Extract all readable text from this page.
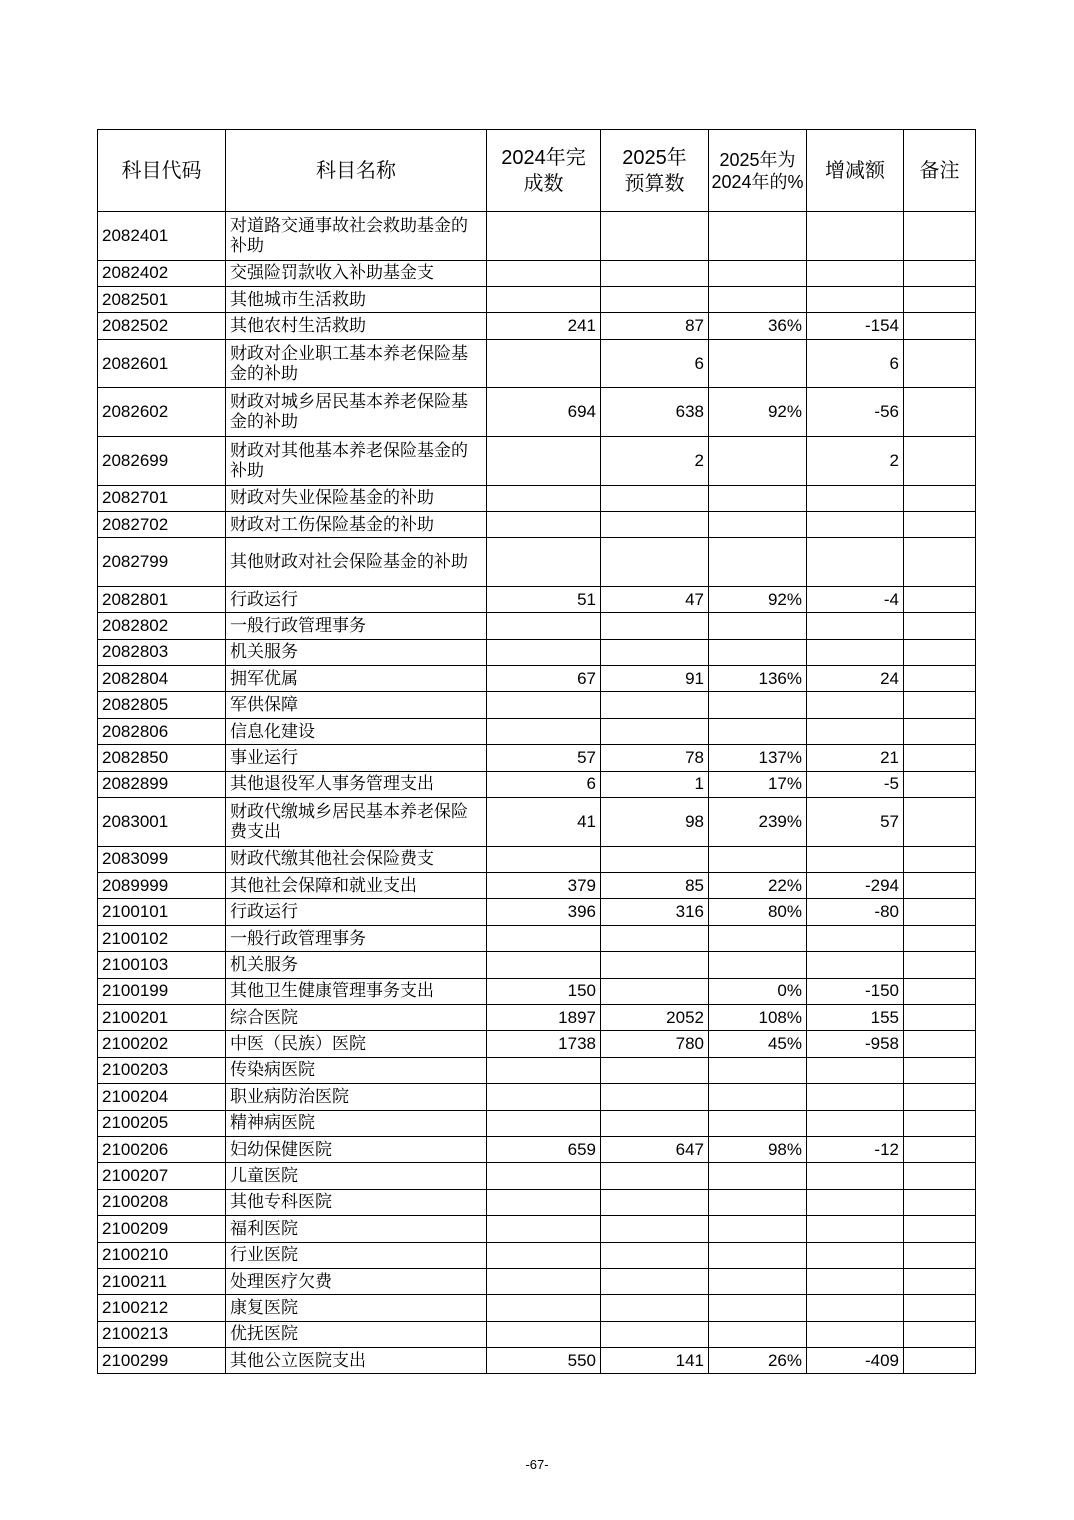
科目代码	科目名称	2024年完成数	2025年预算数	2025年为2024年的%	增减额	备注
2082401	对道路交通事故社会救助基金的补助					
2082402	交强险罚款收入补助基金支					
2082501	其他城市生活救助					
2082502	其他农村生活救助	241	87	36%	-154	
2082601	财政对企业职工基本养老保险基金的补助		6		6	
2082602	财政对城乡居民基本养老保险基金的补助	694	638	92%	-56	
2082699	财政对其他基本养老保险基金的补助		2		2	
2082701	财政对失业保险基金的补助					
2082702	财政对工伤保险基金的补助					
2082799	其他财政对社会保险基金的补助					
2082801	行政运行	51	47	92%	-4	
2082802	一般行政管理事务					
2082803	机关服务					
2082804	拥军优属	67	91	136%	24	
2082805	军供保障					
2082806	信息化建设					
2082850	事业运行	57	78	137%	21	
2082899	其他退役军人事务管理支出	6	1	17%	-5	
2083001	财政代缴城乡居民基本养老保险费支出	41	98	239%	57	
2083099	财政代缴其他社会保险费支					
2089999	其他社会保障和就业支出	379	85	22%	-294	
2100101	行政运行	396	316	80%	-80	
2100102	一般行政管理事务					
2100103	机关服务					
2100199	其他卫生健康管理事务支出	150		0%	-150	
2100201	综合医院	1897	2052	108%	155	
2100202	中医（民族）医院	1738	780	45%	-958	
2100203	传染病医院					
2100204	职业病防治医院					
2100205	精神病医院					
2100206	妇幼保健医院	659	647	98%	-12	
2100207	儿童医院					
2100208	其他专科医院					
2100209	福利医院					
2100210	行业医院					
2100211	处理医疗欠费					
2100212	康复医院					
2100213	优抚医院					
2100299	其他公立医院支出	550	141	26%	-409	
-67-
